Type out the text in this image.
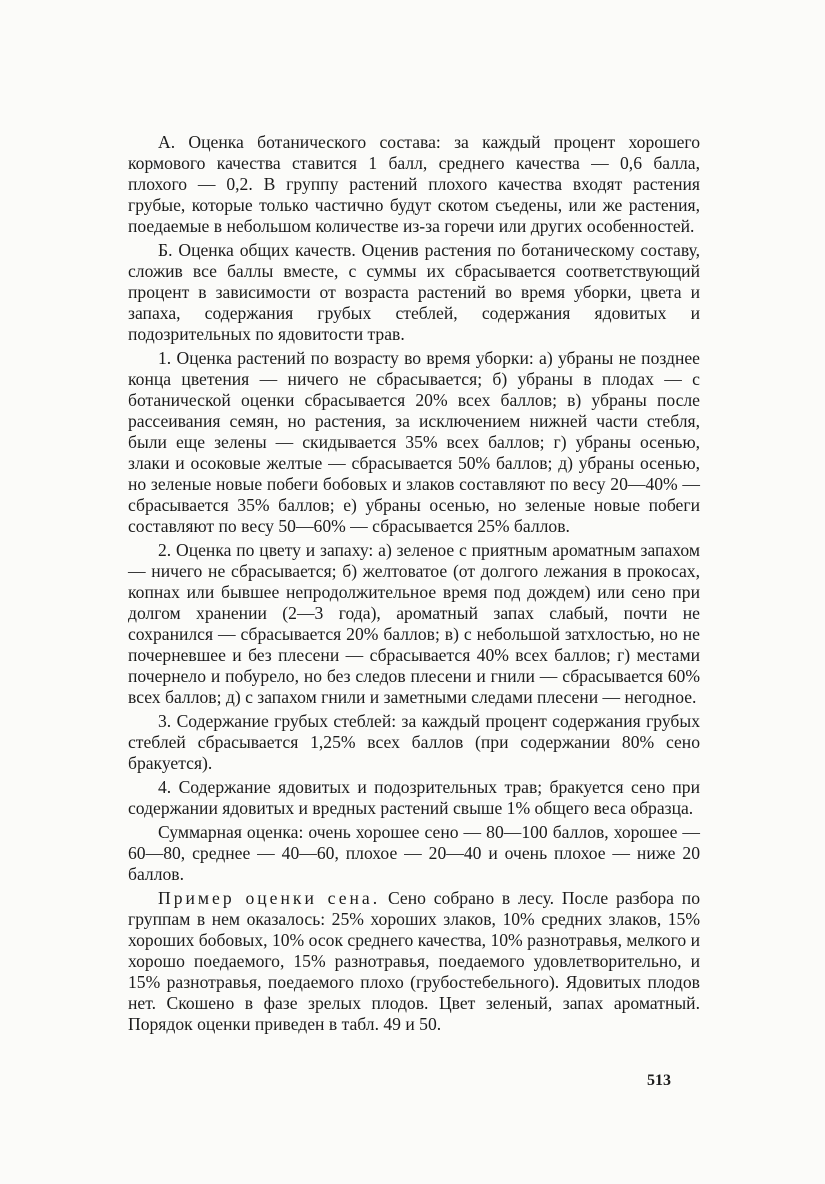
А. Оценка ботанического состава: за каждый процент хорошего кормового качества ставится 1 балл, среднего качества — 0,6 балла, плохого — 0,2. В группу растений плохого качества входят растения грубые, которые только частично будут скотом съедены, или же растения, поедаемые в небольшом количестве из-за горечи или других особенностей.

Б. Оценка общих качеств. Оценив растения по ботаническому составу, сложив все баллы вместе, с суммы их сбрасывается соответствующий процент в зависимости от возраста растений во время уборки, цвета и запаха, содержания грубых стеблей, содержания ядовитых и подозрительных по ядовитости трав.

1. Оценка растений по возрасту во время уборки: а) убраны не позднее конца цветения — ничего не сбрасывается; б) убраны в плодах — с ботанической оценки сбрасывается 20% всех баллов; в) убраны после рассеивания семян, но растения, за исключением нижней части стебля, были еще зелены — скидывается 35% всех баллов; г) убраны осенью, злаки и осоковые желтые — сбрасывается 50% баллов; д) убраны осенью, но зеленые новые побеги бобовых и злаков составляют по весу 20—40% — сбрасывается 35% баллов; е) убраны осенью, но зеленые новые побеги составляют по весу 50—60% — сбрасывается 25% баллов.

2. Оценка по цвету и запаху: а) зеленое с приятным ароматным запахом — ничего не сбрасывается; б) желтоватое (от долгого лежания в прокосах, копнах или бывшее непродолжительное время под дождем) или сено при долгом хранении (2—3 года), ароматный запах слабый, почти не сохранился — сбрасывается 20% баллов; в) с небольшой затхлостью, но не почерневшее и без плесени — сбрасывается 40% всех баллов; г) местами почернело и побурело, но без следов плесени и гнили — сбрасывается 60% всех баллов; д) с запахом гнили и заметными следами плесени — негодное.

3. Содержание грубых стеблей: за каждый процент содержания грубых стеблей сбрасывается 1,25% всех баллов (при содержании 80% сено бракуется).

4. Содержание ядовитых и подозрительных трав; бракуется сено при содержании ядовитых и вредных растений свыше 1% общего веса образца.

Суммарная оценка: очень хорошее сено — 80—100 баллов, хорошее — 60—80, среднее — 40—60, плохое — 20—40 и очень плохое — ниже 20 баллов.

Пример оценки сена. Сено собрано в лесу. После разбора по группам в нем оказалось: 25% хороших злаков, 10% средних злаков, 15% хороших бобовых, 10% осок среднего качества, 10% разнотравья, мелкого и хорошо поедаемого, 15% разнотравья, поедаемого удовлетворительно, и 15% разнотравья, поедаемого плохо (грубостебельного). Ядовитых плодов нет. Скошено в фазе зрелых плодов. Цвет зеленый, запах ароматный. Порядок оценки приведен в табл. 49 и 50.

513
